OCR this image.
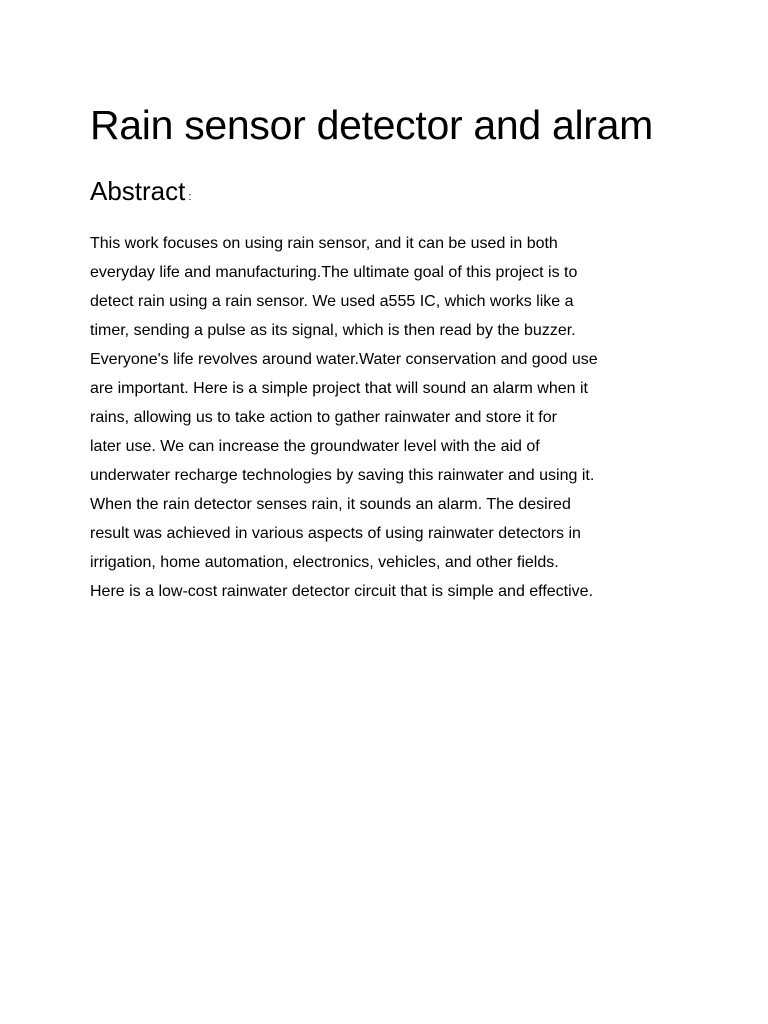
Rain sensor detector and alram
Abstract :
This work focuses on using rain sensor, and it can be used in both
everyday life and manufacturing.The ultimate goal of this project is to
detect rain using a rain sensor. We used a555 IC, which works like a
timer, sending a pulse as its signal, which is then read by the buzzer.
Everyone's life revolves around water.Water conservation and good use
are important. Here is a simple project that will sound an alarm when it
rains, allowing us to take action to gather rainwater and store it for
later use. We can increase the groundwater level with the aid of
underwater recharge technologies by saving this rainwater and using it.
When the rain detector senses rain, it sounds an alarm. The desired
result was achieved in various aspects of using rainwater detectors in
irrigation, home automation, electronics, vehicles, and other fields.
Here is a low-cost rainwater detector circuit that is simple and effective.
